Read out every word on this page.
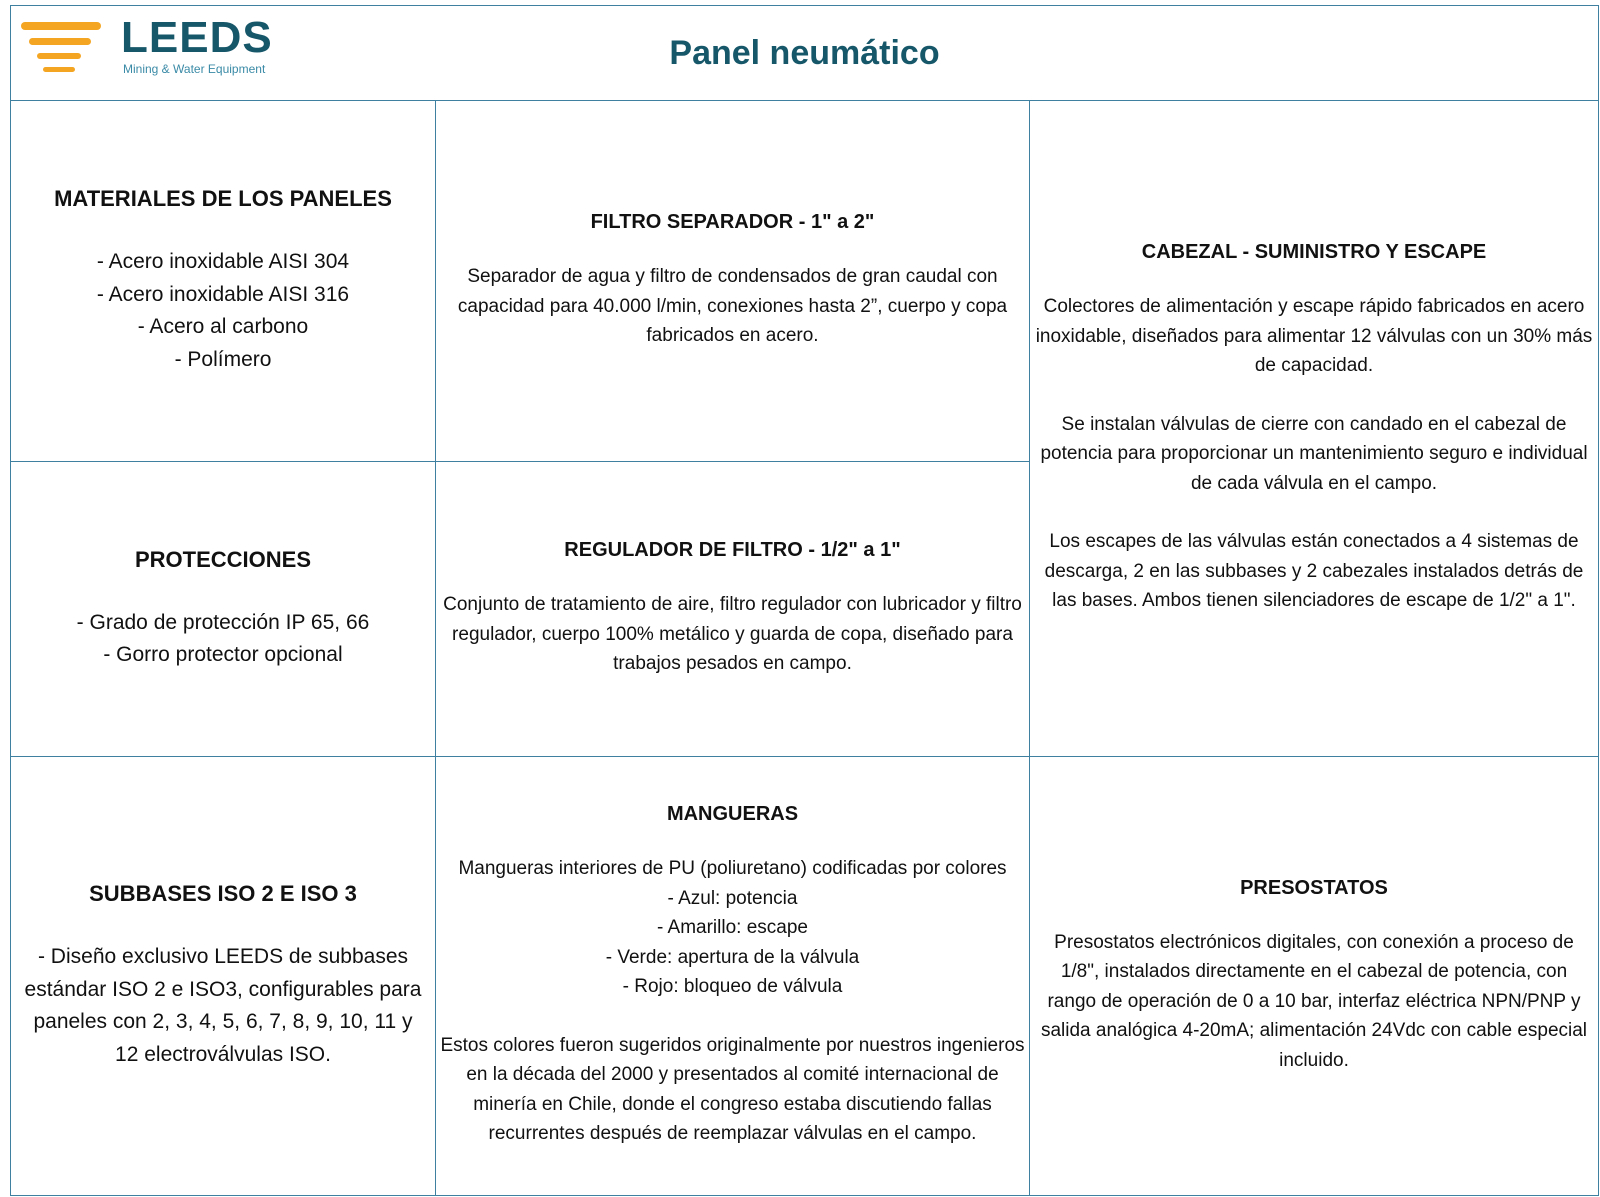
LEEDS
Mining & Water Equipment	Panel neumático
MATERIALES DE LOS PANELES
- Acero inoxidable AISI 304
- Acero inoxidable AISI 316
- Acero al carbono
- Polímero
PROTECCIONES
- Grado de protección IP 65, 66
- Gorro protector opcional
SUBBASES ISO 2 E ISO 3

- Diseño exclusivo LEEDS de subbases estándar ISO 2 e ISO3, configurables para paneles con 2, 3, 4, 5, 6, 7, 8, 9, 10, 11 y 12 electroválvulas ISO.

FILTRO SEPARADOR - 1" a 2"

Separador de agua y filtro de condensados de gran caudal con capacidad para 40.000 l/min, conexiones hasta 2”, cuerpo y copa fabricados en acero.

REGULADOR DE FILTRO - 1/2" a 1"

Conjunto de tratamiento de aire, filtro regulador con lubricador y filtro regulador, cuerpo 100% metálico y guarda de copa, diseñado para trabajos pesados en campo.

MANGUERAS
Mangueras interiores de PU (poliuretano) codificadas por colores
- Azul: potencia
- Amarillo: escape
- Verde: apertura de la válvula
- Rojo: bloqueo de válvula

Estos colores fueron sugeridos originalmente por nuestros ingenieros en la década del 2000 y presentados al comité internacional de minería en Chile, donde el congreso estaba discutiendo fallas recurrentes después de reemplazar válvulas en el campo.

CABEZAL - SUMINISTRO Y ESCAPE

Colectores de alimentación y escape rápido fabricados en acero inoxidable, diseñados para alimentar 12 válvulas con un 30% más de capacidad.

Se instalan válvulas de cierre con candado en el cabezal de potencia para proporcionar un mantenimiento seguro e individual de cada válvula en el campo.

Los escapes de las válvulas están conectados a 4 sistemas de descarga, 2 en las subbases y 2 cabezales instalados detrás de las bases. Ambos tienen silenciadores de escape de 1/2" a 1".

PRESOSTATOS

Presostatos electrónicos digitales, con conexión a proceso de 1/8", instalados directamente en el cabezal de potencia, con rango de operación de 0 a 10 bar, interfaz eléctrica NPN/PNP y salida analógica 4-20mA; alimentación 24Vdc con cable especial incluido.
